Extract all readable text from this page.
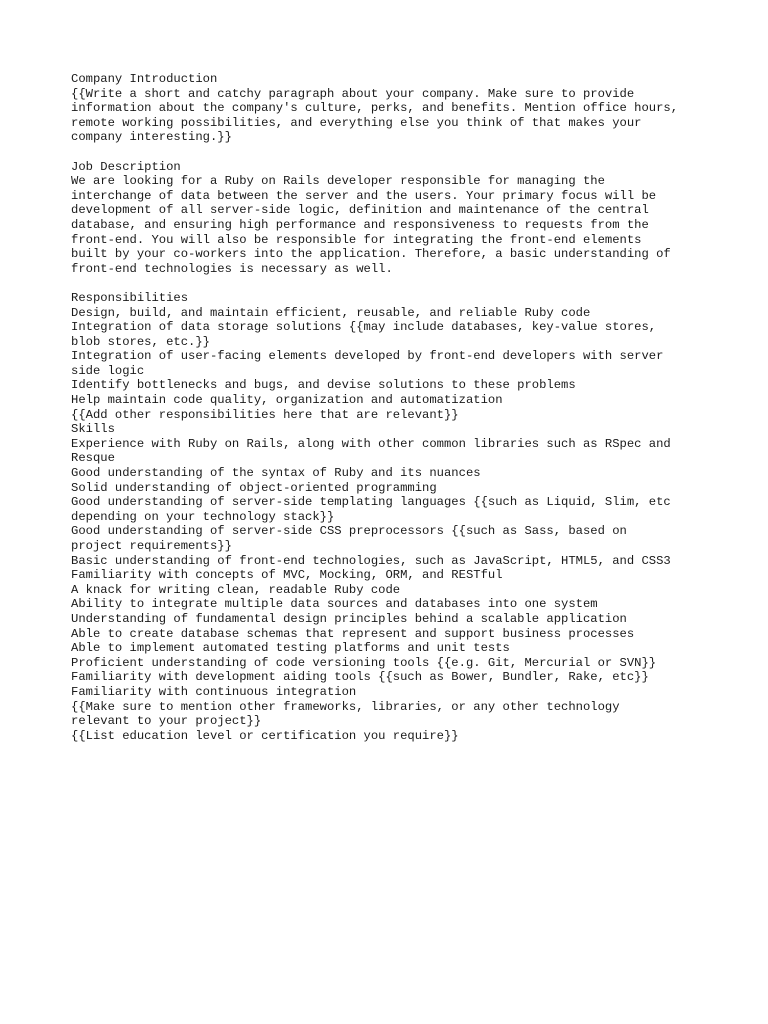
Company Introduction
{{Write a short and catchy paragraph about your company. Make sure to provide
information about the company's culture, perks, and benefits. Mention office hours,
remote working possibilities, and everything else you think of that makes your
company interesting.}}
Job Description
We are looking for a Ruby on Rails developer responsible for managing the
interchange of data between the server and the users. Your primary focus will be
development of all server-side logic, definition and maintenance of the central
database, and ensuring high performance and responsiveness to requests from the
front-end. You will also be responsible for integrating the front-end elements
built by your co-workers into the application. Therefore, a basic understanding of
front-end technologies is necessary as well.
Responsibilities
Design, build, and maintain efficient, reusable, and reliable Ruby code
Integration of data storage solutions {{may include databases, key-value stores,
blob stores, etc.}}
Integration of user-facing elements developed by front-end developers with server
side logic
Identify bottlenecks and bugs, and devise solutions to these problems
Help maintain code quality, organization and automatization
{{Add other responsibilities here that are relevant}}
Skills
Experience with Ruby on Rails, along with other common libraries such as RSpec and
Resque
Good understanding of the syntax of Ruby and its nuances
Solid understanding of object-oriented programming
Good understanding of server-side templating languages {{such as Liquid, Slim, etc
depending on your technology stack}}
Good understanding of server-side CSS preprocessors {{such as Sass, based on
project requirements}}
Basic understanding of front-end technologies, such as JavaScript, HTML5, and CSS3
Familiarity with concepts of MVC, Mocking, ORM, and RESTful
A knack for writing clean, readable Ruby code
Ability to integrate multiple data sources and databases into one system
Understanding of fundamental design principles behind a scalable application
Able to create database schemas that represent and support business processes
Able to implement automated testing platforms and unit tests
Proficient understanding of code versioning tools {{e.g. Git, Mercurial or SVN}}
Familiarity with development aiding tools {{such as Bower, Bundler, Rake, etc}}
Familiarity with continuous integration
{{Make sure to mention other frameworks, libraries, or any other technology
relevant to your project}}
{{List education level or certification you require}}
